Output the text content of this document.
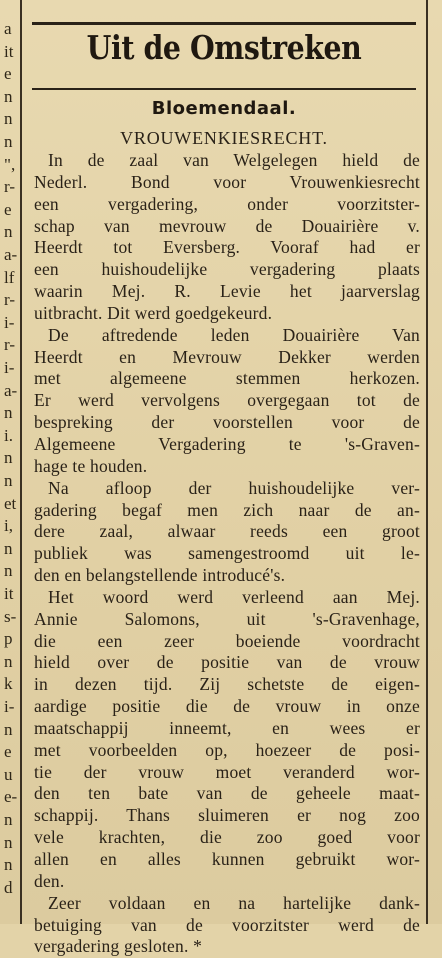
a
it
e
n
n
n
",
r-
e
n
a-
lf
r-
i-
r-
i-
a-
n
i.
n
n
et
i,
n
n
it
s-
p
n
k
i-
n
e
u
e-
n
n
n
d
Uit de Omstreken
Bloemendaal.
VROUWENKIESRECHT.
In de zaal van Welgelegen hield de
Nederl. Bond voor Vrouwenkiesrecht
een vergadering, onder voorzitster-
schap van mevrouw de Douairière v.
Heerdt tot Eversberg. Vooraf had er
een huishoudelijke vergadering plaats
waarin Mej. R. Levie het jaarverslag
uitbracht. Dit werd goedgekeurd.
De aftredende leden Douairière Van
Heerdt en Mevrouw Dekker werden
met algemeene stemmen herkozen.
Er werd vervolgens overgegaan tot de
bespreking der voorstellen voor de
Algemeene Vergadering te 's-Graven-
hage te houden.
Na afloop der huishoudelijke ver-
gadering begaf men zich naar de an-
dere zaal, alwaar reeds een groot
publiek was samengestroomd uit le-
den en belangstellende introducé's.
Het woord werd verleend aan Mej.
Annie Salomons, uit 's-Gravenhage,
die een zeer boeiende voordracht
hield over de positie van de vrouw
in dezen tijd. Zij schetste de eigen-
aardige positie die de vrouw in onze
maatschappij inneemt, en wees er
met voorbeelden op, hoezeer de posi-
tie der vrouw moet veranderd wor-
den ten bate van de geheele maat-
schappij. Thans sluimeren er nog zoo
vele krachten, die zoo goed voor
allen en alles kunnen gebruikt wor-
den.
Zeer voldaan en na hartelijke dank-
betuiging van de voorzitster werd de
vergadering gesloten. *
